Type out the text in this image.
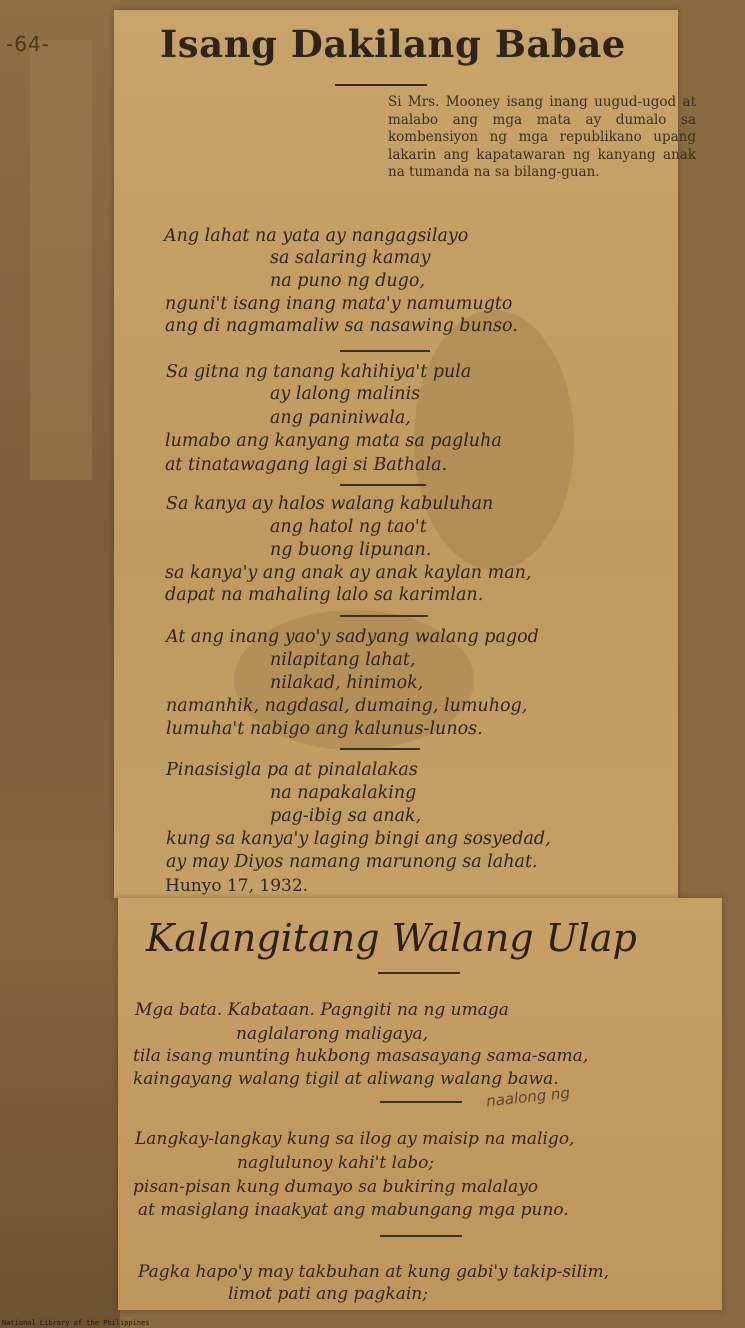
-64-	Isang Dakilang Babae
Si Mrs. Mooney isang inang uugud-ugod at malabo ang mga mata ay dumalo sa kombensiyon ng mga republikano upang lakarin ang kapatawaran ng kanyang anak na tumanda na sa bilang-guan.
Ang lahat na yata ay nangagsilayo
sa salaring kamay
na puno ng dugo,
nguni't isang inang mata'y namumugto
ang di nagmamaliw sa nasawing bunso.
Sa gitna ng tanang kahihiya't pula
ay lalong malinis
ang paniniwala,
lumabo ang kanyang mata sa pagluha
at tinatawagang lagi si Bathala.
Sa kanya ay halos walang kabuluhan
ang hatol ng tao't
ng buong lipunan.
sa kanya'y ang anak ay anak kaylan man,
dapat na mahaling lalo sa karimlan.
At ang inang yao'y sadyang walang pagod
nilapitang lahat,
nilakad, hinimok,
namanhik, nagdasal, dumaing, lumuhog,
lumuha't nabigo ang kalunus-lunos.
Pinasisigla pa at pinalalakas
na napakalaking
pag-ibig sa anak,
kung sa kanya'y laging bingi ang sosyedad,
ay may Diyos namang marunong sa lahat.
Hunyo 17, 1932.
Kalangitang Walang Ulap
Mga bata. Kabataan. Pagngiti na ng umaga
naglalarong maligaya,
tila isang munting hukbong masasayang sama-sama,
kaingayang walang tigil at aliwang walang bawa.
Langkay-langkay kung sa ilog ay maisip na maligo,
naglulunoy kahi't labo;
pisan-pisan kung dumayo sa bukiring malalayo
at masiglang inaakyat ang mabungang mga puno.
Pagka hapo'y may takbuhan at kung gabi'y takip-silim,
limot pati ang pagkain;
naalong ng
National Library of the Philippines
